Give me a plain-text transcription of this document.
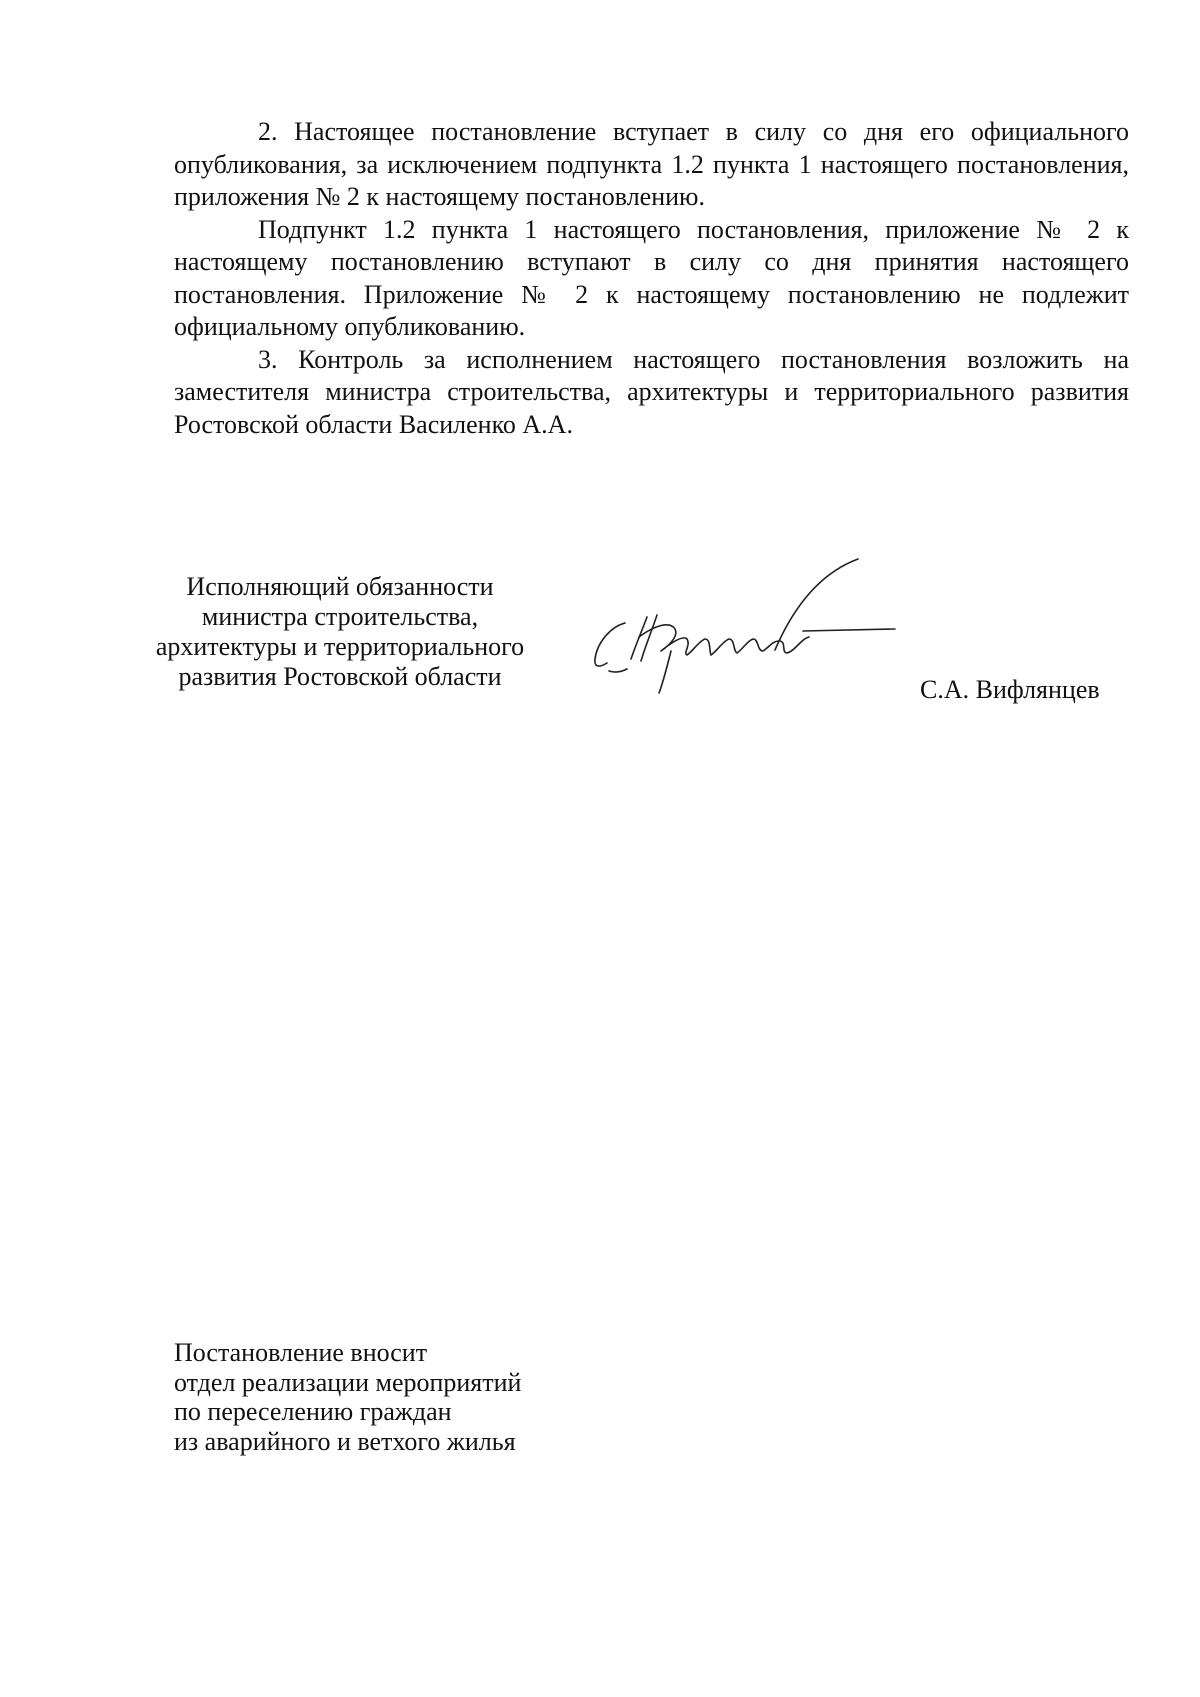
2. Настоящее постановление вступает в силу со дня его официального опубликования, за исключением подпункта 1.2 пункта 1 настоящего постановления, приложения № 2 к настоящему постановлению.

Подпункт 1.2 пункта 1 настоящего постановления, приложение № 2 к настоящему постановлению вступают в силу со дня принятия настоящего постановления. Приложение № 2 к настоящему постановлению не подлежит официальному опубликованию.

3. Контроль за исполнением настоящего постановления возложить на заместителя министра строительства, архитектуры и территориального развития Ростовской области Василенко А.А.

Исполняющий обязанности
министра строительства,
архитектуры и территориального
развития Ростовской области	С.А. Вифлянцев
Постановление вносит
отдел реализации мероприятий
по переселению граждан
из аварийного и ветхого жилья
